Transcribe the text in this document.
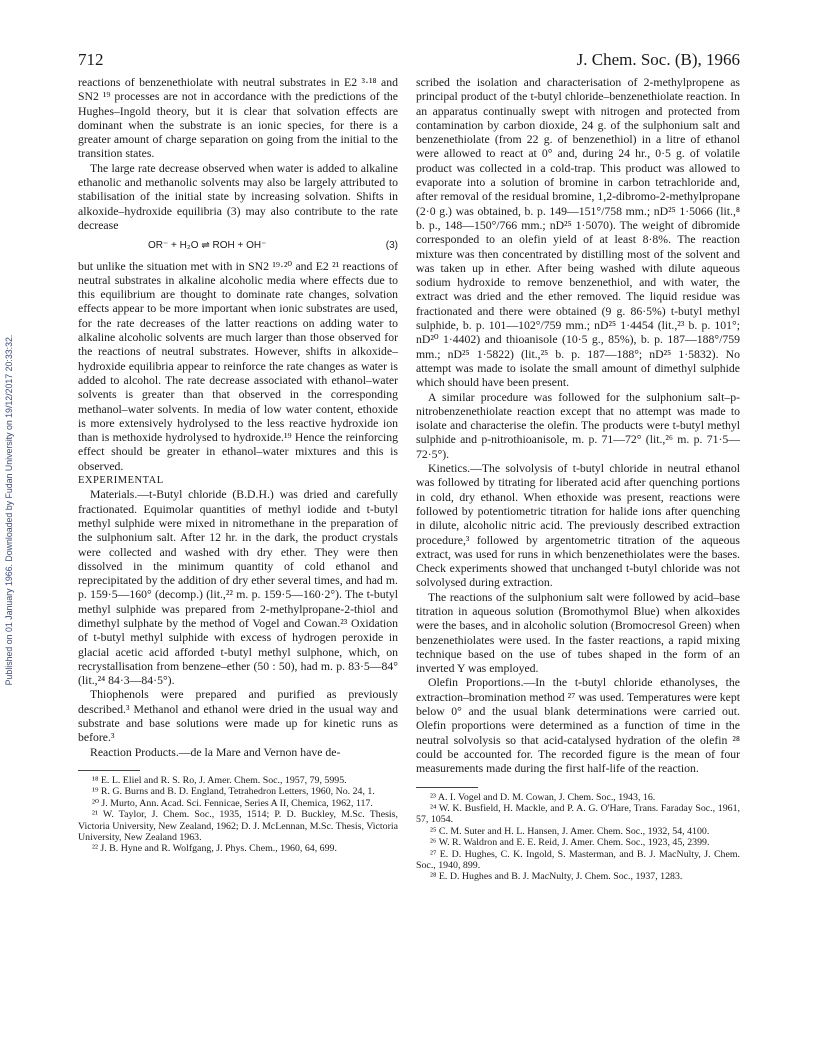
Published on 01 January 1966. Downloaded by Fudan University on 19/12/2017 20:33:32.
712	J. Chem. Soc. (B), 1966

reactions of benzenethiolate with neutral substrates in E2 ³·¹⁸ and SN2 ¹⁹ processes are not in accordance with the predictions of the Hughes–Ingold theory, but it is clear that solvation effects are dominant when the substrate is an ionic species, for there is a greater amount of charge separation on going from the initial to the transition states.

The large rate decrease observed when water is added to alkaline ethanolic and methanolic solvents may also be largely attributed to stabilisation of the initial state by increasing solvation. Shifts in alkoxide–hydroxide equilibria (3) may also contribute to the rate decrease

OR⁻ + H₂O ⇌ ROH + OH⁻	(3)

but unlike the situation met with in SN2 ¹⁹·²⁰ and E2 ²¹ reactions of neutral substrates in alkaline alcoholic media where effects due to this equilibrium are thought to dominate rate changes, solvation effects appear to be more important when ionic substrates are used, for the rate decreases of the latter reactions on adding water to alkaline alcoholic solvents are much larger than those observed for the reactions of neutral substrates. However, shifts in alkoxide–hydroxide equilibria appear to reinforce the rate changes as water is added to alcohol. The rate decrease associated with ethanol–water solvents is greater than that observed in the corresponding methanol–water solvents. In media of low water content, ethoxide is more extensively hydrolysed to the less reactive hydroxide ion than is methoxide hydrolysed to hydroxide.¹⁹ Hence the reinforcing effect should be greater in ethanol–water mixtures and this is observed.

EXPERIMENTAL

Materials.—t-Butyl chloride (B.D.H.) was dried and carefully fractionated. Equimolar quantities of methyl iodide and t-butyl methyl sulphide were mixed in nitromethane in the preparation of the sulphonium salt. After 12 hr. in the dark, the product crystals were collected and washed with dry ether. They were then dissolved in the minimum quantity of cold ethanol and reprecipitated by the addition of dry ether several times, and had m. p. 159·5—160° (decomp.) (lit.,²² m. p. 159·5—160·2°). The t-butyl methyl sulphide was prepared from 2-methylpropane-2-thiol and dimethyl sulphate by the method of Vogel and Cowan.²³ Oxidation of t-butyl methyl sulphide with excess of hydrogen peroxide in glacial acetic acid afforded t-butyl methyl sulphone, which, on recrystallisation from benzene–ether (50 : 50), had m. p. 83·5—84° (lit.,²⁴ 84·3—84·5°).

Thiophenols were prepared and purified as previously described.³ Methanol and ethanol were dried in the usual way and substrate and base solutions were made up for kinetic runs as before.³

Reaction Products.—de la Mare and Vernon have de-

¹⁸ E. L. Eliel and R. S. Ro, J. Amer. Chem. Soc., 1957, 79, 5995.
¹⁹ R. G. Burns and B. D. England, Tetrahedron Letters, 1960, No. 24, 1.
²⁰ J. Murto, Ann. Acad. Sci. Fennicae, Series A II, Chemica, 1962, 117.
²¹ W. Taylor, J. Chem. Soc., 1935, 1514; P. D. Buckley, M.Sc. Thesis, Victoria University, New Zealand, 1962; D. J. McLennan, M.Sc. Thesis, Victoria University, New Zealand 1963.
²² J. B. Hyne and R. Wolfgang, J. Phys. Chem., 1960, 64, 699.

scribed the isolation and characterisation of 2-methylpropene as principal product of the t-butyl chloride–benzenethiolate reaction. In an apparatus continually swept with nitrogen and protected from contamination by carbon dioxide, 24 g. of the sulphonium salt and benzenethiolate (from 22 g. of benzenethiol) in a litre of ethanol were allowed to react at 0° and, during 24 hr., 0·5 g. of volatile product was collected in a cold-trap. This product was allowed to evaporate into a solution of bromine in carbon tetrachloride and, after removal of the residual bromine, 1,2-dibromo-2-methylpropane (2·0 g.) was obtained, b. p. 149—151°/758 mm.; nD²⁵ 1·5066 (lit.,⁸ b. p., 148—150°/766 mm.; nD²⁵ 1·5070). The weight of dibromide corresponded to an olefin yield of at least 8·8%. The reaction mixture was then concentrated by distilling most of the solvent and was taken up in ether. After being washed with dilute aqueous sodium hydroxide to remove benzenethiol, and with water, the extract was dried and the ether removed. The liquid residue was fractionated and there were obtained (9 g. 86·5%) t-butyl methyl sulphide, b. p. 101—102°/759 mm.; nD²⁵ 1·4454 (lit.,²³ b. p. 101°; nD²⁰ 1·4402) and thioanisole (10·5 g., 85%), b. p. 187—188°/759 mm.; nD²⁵ 1·5822) (lit.,²⁵ b. p. 187—188°; nD²⁵ 1·5832). No attempt was made to isolate the small amount of dimethyl sulphide which should have been present.

A similar procedure was followed for the sulphonium salt–p-nitrobenzenethiolate reaction except that no attempt was made to isolate and characterise the olefin. The products were t-butyl methyl sulphide and p-nitrothioanisole, m. p. 71—72° (lit.,²⁶ m. p. 71·5—72·5°).

Kinetics.—The solvolysis of t-butyl chloride in neutral ethanol was followed by titrating for liberated acid after quenching portions in cold, dry ethanol. When ethoxide was present, reactions were followed by potentiometric titration for halide ions after quenching in dilute, alcoholic nitric acid. The previously described extraction procedure,³ followed by argentometric titration of the aqueous extract, was used for runs in which benzenethiolates were the bases. Check experiments showed that unchanged t-butyl chloride was not solvolysed during extraction.

The reactions of the sulphonium salt were followed by acid–base titration in aqueous solution (Bromothymol Blue) when alkoxides were the bases, and in alcoholic solution (Bromocresol Green) when benzenethiolates were used. In the faster reactions, a rapid mixing technique based on the use of tubes shaped in the form of an inverted Y was employed.

Olefin Proportions.—In the t-butyl chloride ethanolyses, the extraction–bromination method ²⁷ was used. Temperatures were kept below 0° and the usual blank determinations were carried out. Olefin proportions were determined as a function of time in the neutral solvolysis so that acid-catalysed hydration of the olefin ²⁸ could be accounted for. The recorded figure is the mean of four measurements made during the first half-life of the reaction.

²³ A. I. Vogel and D. M. Cowan, J. Chem. Soc., 1943, 16.
²⁴ W. K. Busfield, H. Mackle, and P. A. G. O'Hare, Trans. Faraday Soc., 1961, 57, 1054.
²⁵ C. M. Suter and H. L. Hansen, J. Amer. Chem. Soc., 1932, 54, 4100.
²⁶ W. R. Waldron and E. E. Reid, J. Amer. Chem. Soc., 1923, 45, 2399.
²⁷ E. D. Hughes, C. K. Ingold, S. Masterman, and B. J. MacNulty, J. Chem. Soc., 1940, 899.
²⁸ E. D. Hughes and B. J. MacNulty, J. Chem. Soc., 1937, 1283.
